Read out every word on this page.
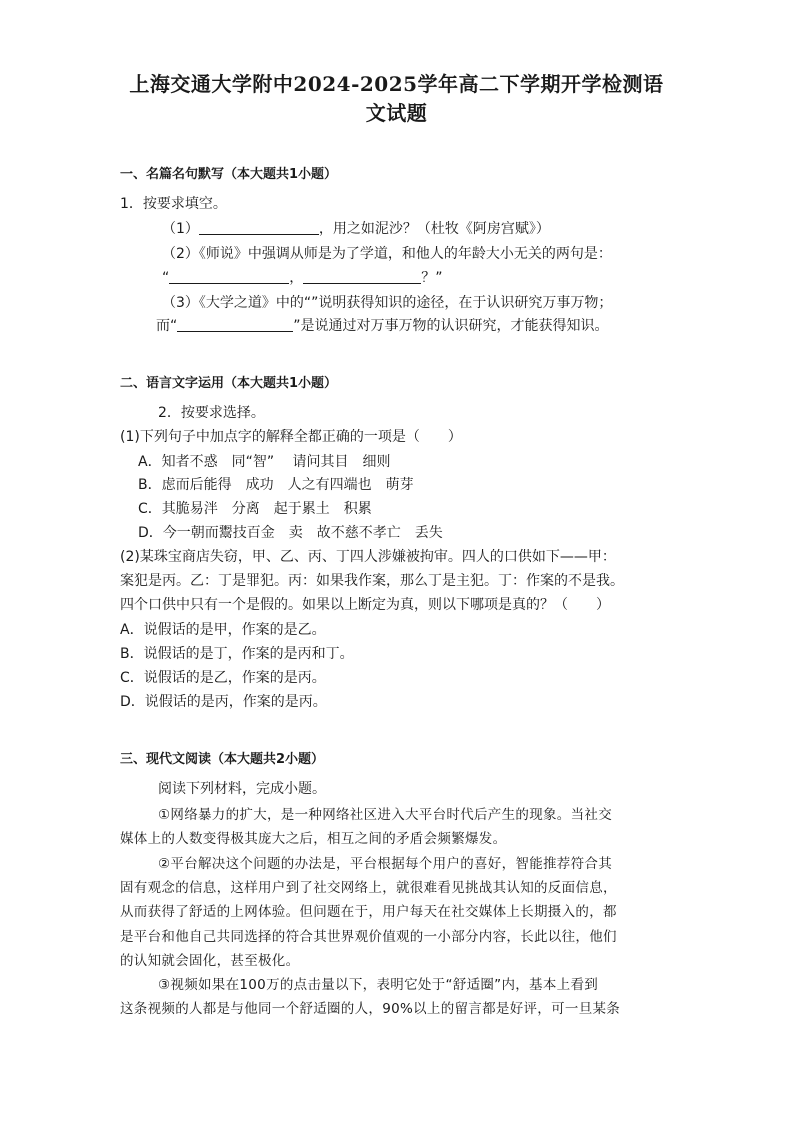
上海交通大学附中2024-2025学年高二下学期开学检测语
文试题
一、名篇名句默写（本大题共1小题）
1．按要求填空。
（1）	，用之如泥沙？（杜牧《阿房宫赋》）
（2）《师说》中强调从师是为了学道，和他人的年龄大小无关的两句是：
“	，	？”
（3）《大学之道》中的“”说明获得知识的途径，在于认识研究万事万物；
而“	”是说通过对万事万物的认识研究，才能获得知识。
二、语言文字运用（本大题共1小题）
2．按要求选择。
(1)下列句子中加点字的解释全都正确的一项是（　　）
A．知者不惑　同“智”　 请问其目　细则
B．虑而后能得　成功　人之有四端也　萌芽
C．其脆易泮　分离　起于累土　积累
D．今一朝而鬻技百金　卖　故不慈不孝亡　丢失
(2)某珠宝商店失窃，甲、乙、丙、丁四人涉嫌被拘审。四人的口供如下——甲：
案犯是丙。乙：丁是罪犯。丙：如果我作案，那么丁是主犯。丁：作案的不是我。
四个口供中只有一个是假的。如果以上断定为真，则以下哪项是真的？（　　）
A．说假话的是甲，作案的是乙。
B．说假话的是丁，作案的是丙和丁。
C．说假话的是乙，作案的是丙。
D．说假话的是丙，作案的是丙。
三、现代文阅读（本大题共2小题）
阅读下列材料，完成小题。
①网络暴力的扩大，是一种网络社区进入大平台时代后产生的现象。当社交
媒体上的人数变得极其庞大之后，相互之间的矛盾会频繁爆发。
②平台解决这个问题的办法是，平台根据每个用户的喜好，智能推荐符合其
固有观念的信息，这样用户到了社交网络上，就很难看见挑战其认知的反面信息，
从而获得了舒适的上网体验。但问题在于，用户每天在社交媒体上长期摄入的，都
是平台和他自己共同选择的符合其世界观价值观的一小部分内容，长此以往，他们
的认知就会固化，甚至极化。
③视频如果在100万的点击量以下，表明它处于“舒适圈”内，基本上看到
这条视频的人都是与他同一个舒适圈的人，90%以上的留言都是好评，可一旦某条
